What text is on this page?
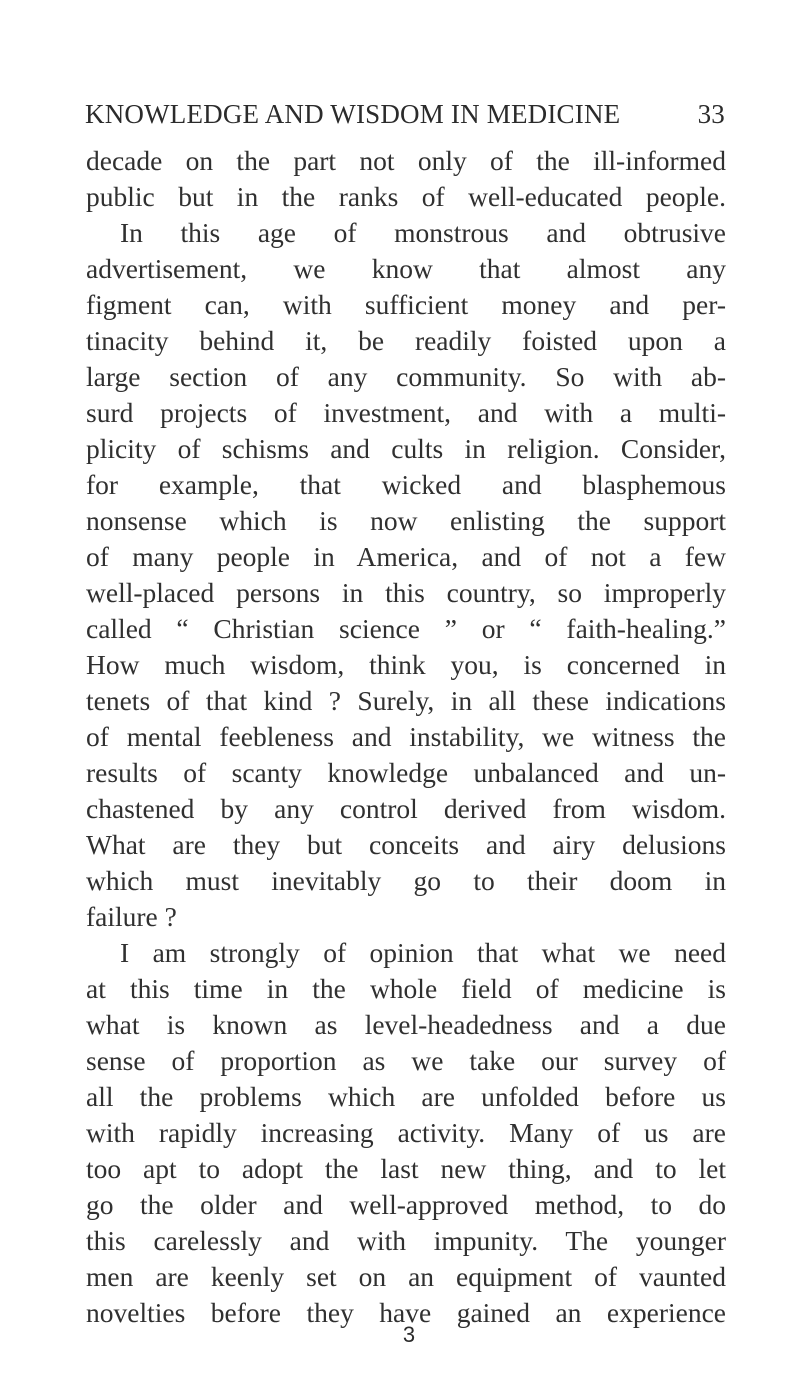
KNOWLEDGE AND WISDOM IN MEDICINE	33
decade on the part not only of the ill-informed
public but in the ranks of well-educated people.
In this age of monstrous and obtrusive
advertisement, we know that almost any
figment can, with sufficient money and per-
tinacity behind it, be readily foisted upon a
large section of any community. So with ab-
surd projects of investment, and with a multi-
plicity of schisms and cults in religion. Consider,
for example, that wicked and blasphemous
nonsense which is now enlisting the support
of many people in America, and of not a few
well-placed persons in this country, so improperly
called “ Christian science ” or “ faith-healing.”
How much wisdom, think you, is concerned in
tenets of that kind ? Surely, in all these indications
of mental feebleness and instability, we witness the
results of scanty knowledge unbalanced and un-
chastened by any control derived from wisdom.
What are they but conceits and airy delusions
which must inevitably go to their doom in
failure ?
I am strongly of opinion that what we need
at this time in the whole field of medicine is
what is known as level-headedness and a due
sense of proportion as we take our survey of
all the problems which are unfolded before us
with rapidly increasing activity. Many of us are
too apt to adopt the last new thing, and to let
go the older and well-approved method, to do
this carelessly and with impunity. The younger
men are keenly set on an equipment of vaunted
novelties before they have gained an experience
3
